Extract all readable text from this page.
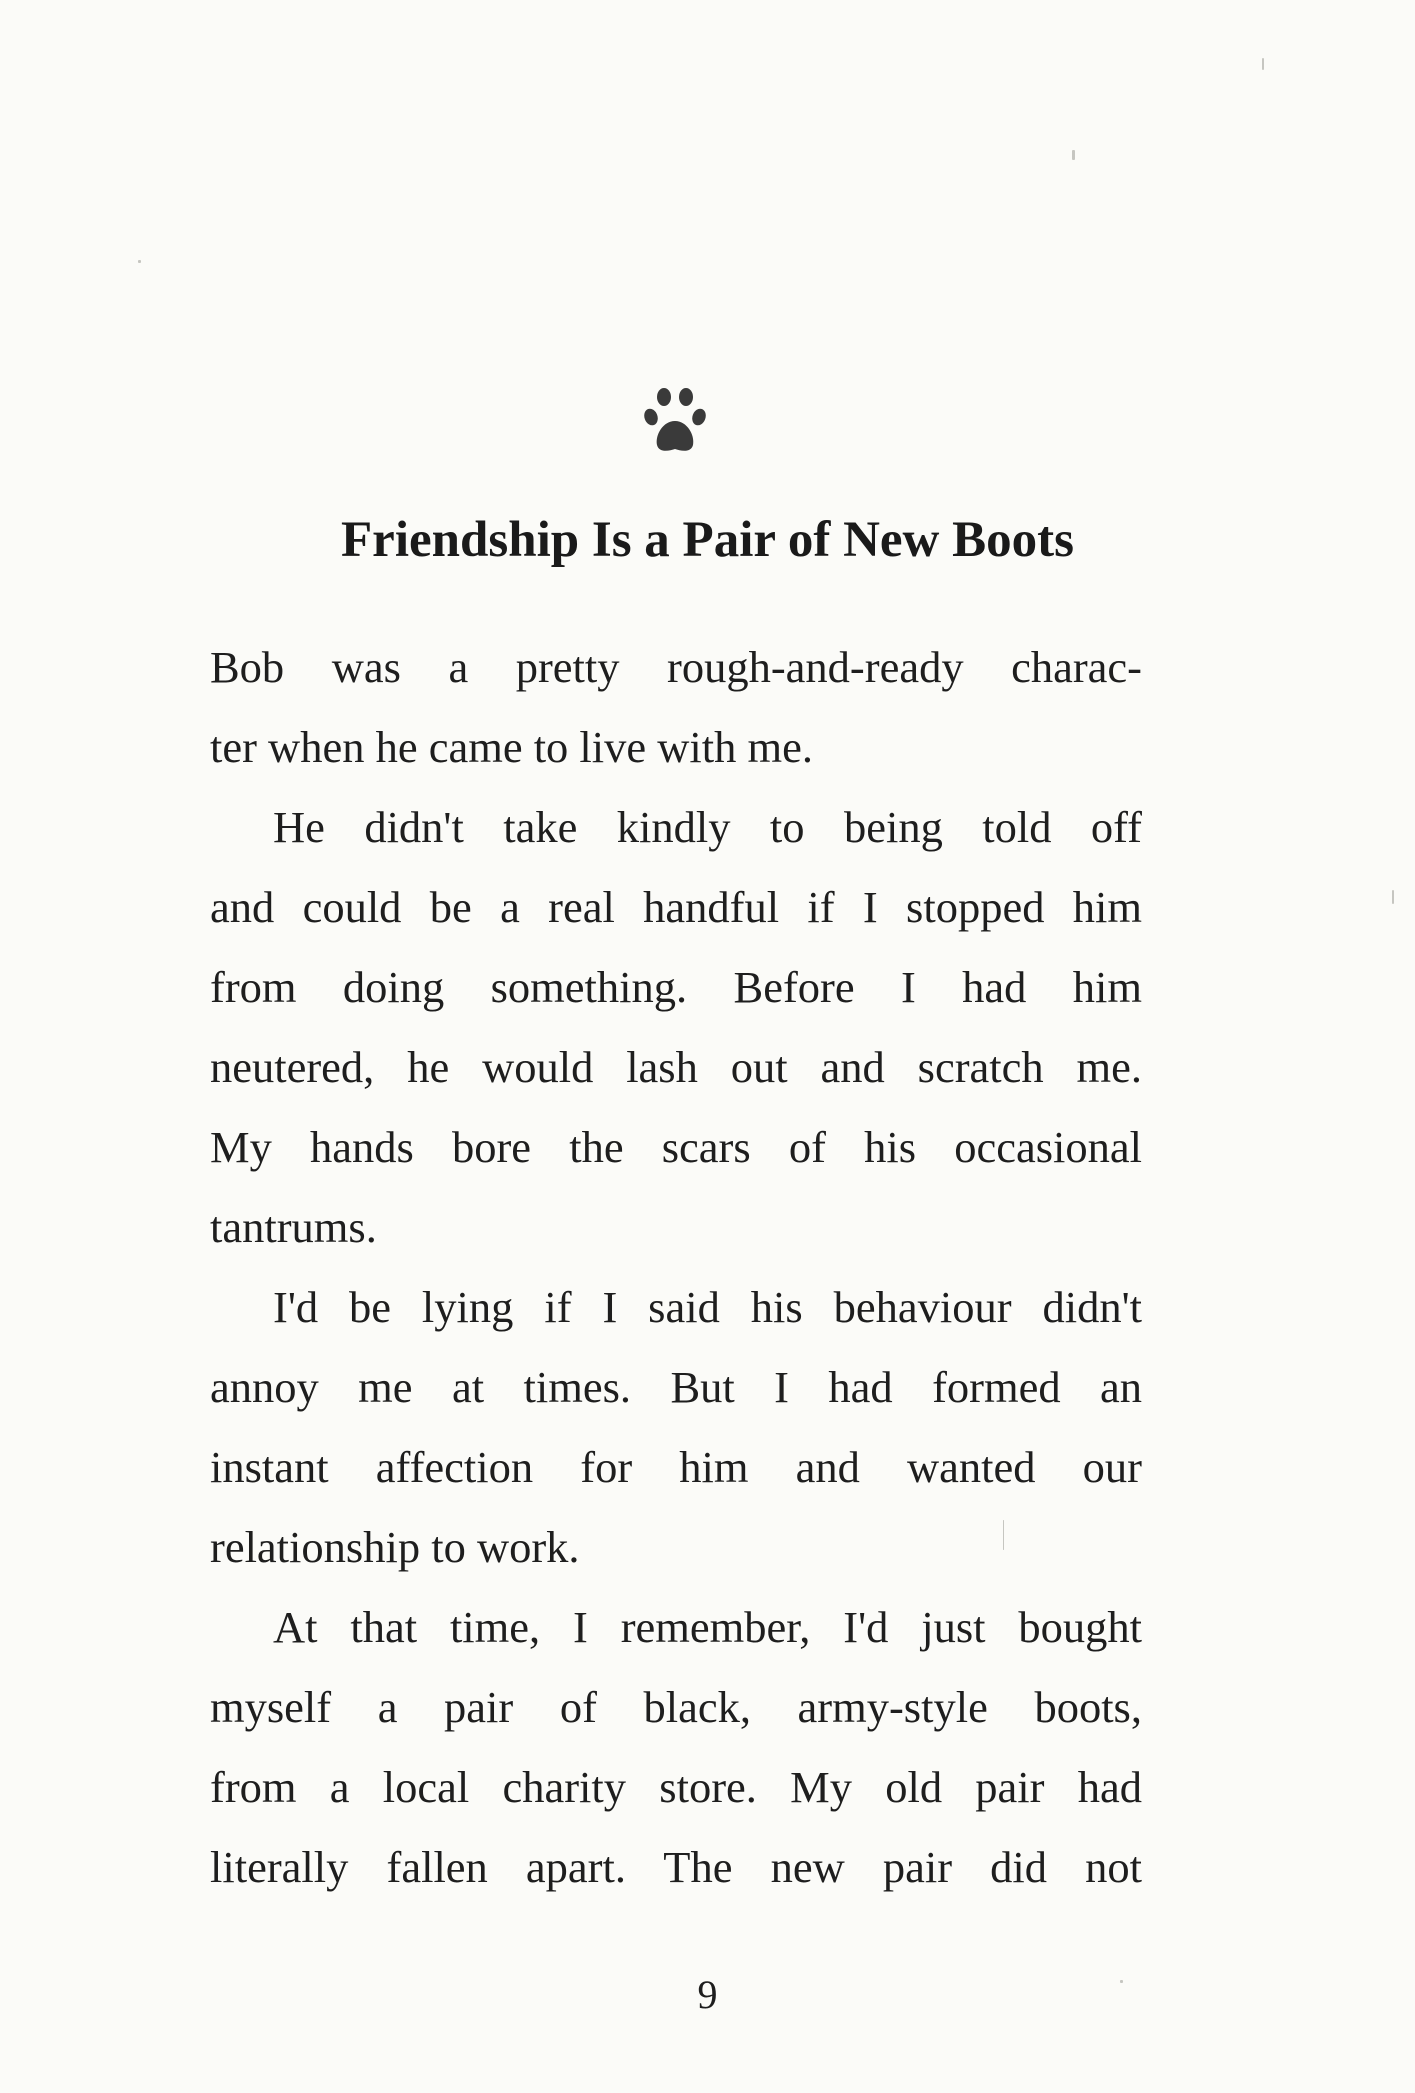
Friendship Is a Pair of New Boots
Bob was a pretty rough-and-ready charac-
ter when he came to live with me.
He didn't take kindly to being told off
and could be a real handful if I stopped him
from doing something. Before I had him
neutered, he would lash out and scratch me.
My hands bore the scars of his occasional
tantrums.
I'd be lying if I said his behaviour didn't
annoy me at times. But I had formed an
instant affection for him and wanted our
relationship to work.
At that time, I remember, I'd just bought
myself a pair of black, army-style boots,
from a local charity store. My old pair had
literally fallen apart. The new pair did not
9
